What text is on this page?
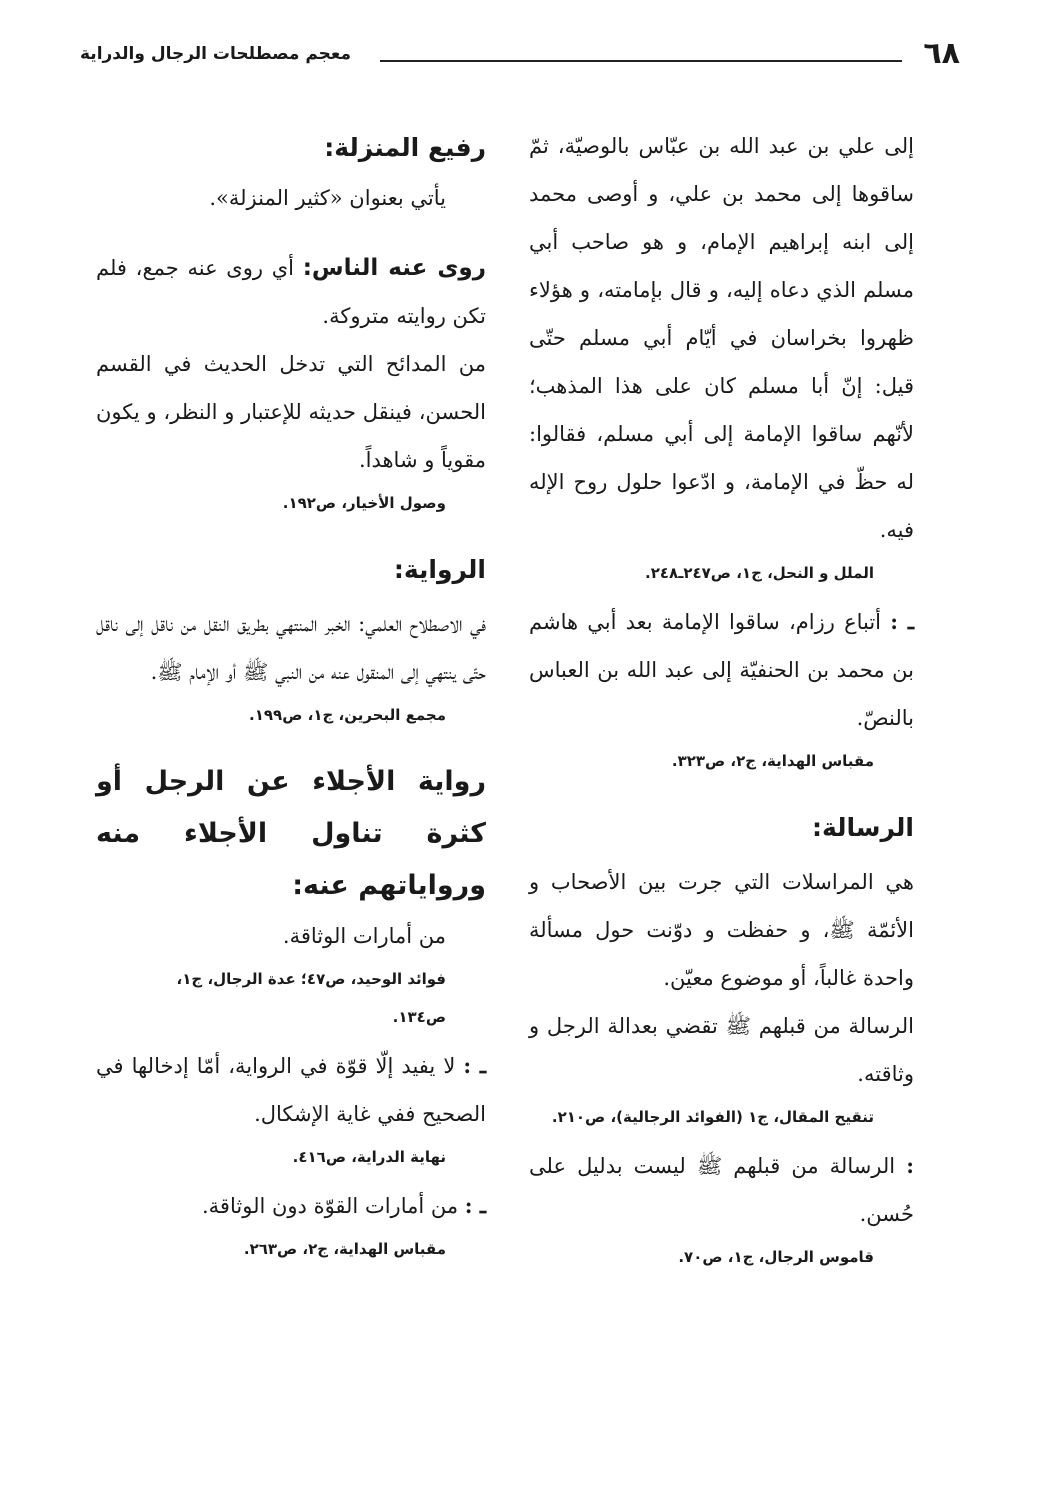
٦٨
معجم مصطلحات الرجال والدراية

إلى علي بن عبد الله بن عبّاس بالوصيّة، ثمّ ساقوها إلى محمد بن علي، و أوصى محمد إلى ابنه إبراهيم الإمام، و هو صاحب أبي مسلم الذي دعاه إليه، و قال بإمامته، و هؤلاء ظهروا بخراسان في أيّام أبي مسلم حتّى قيل: إنّ أبا مسلم كان على هذا المذهب؛ لأنّهم ساقوا الإمامة إلى أبي مسلم، فقالوا: له حظّ في الإمامة، و ادّعوا حلول روح الإله فيه.

الملل و النحل، ج١، ص٢٤٧ـ٢٤٨.

ـ : أتباع رزام، ساقوا الإمامة بعد أبي هاشم بن محمد بن الحنفيّة إلى عبد الله بن العباس بالنصّ.

مقباس الهداية، ج٢، ص٣٢٣.

الرسالة:

هي المراسلات التي جرت بين الأصحاب و الأئمّة ﷺ، و حفظت و دوّنت حول مسألة واحدة غالباً، أو موضوع معيّن.

الرسالة من قبلهم ﷺ تقضي بعدالة الرجل و وثاقته.

تنقيح المقال، ج١ (الفوائد الرجالية)، ص٢١٠.

: الرسالة من قبلهم ﷺ ليست بدليل على حُسن.

قاموس الرجال، ج١، ص٧٠.

رفيع المنزلة:

يأتي بعنوان «كثير المنزلة».

روى عنه الناس: أي روى عنه جمع، فلم تكن روايته متروكة.

من المدائح التي تدخل الحديث في القسم الحسن، فينقل حديثه للإعتبار و النظر، و يكون مقوياً و شاهداً.

وصول الأخيار، ص١٩٢.

الرواية:

في الاصطلاح العلمي: الخبر المنتهي بطريق النقل من ناقل إلى ناقل حتّى ينتهي إلى المنقول عنه من النبي ﷺ أو الإمام ﷺ.

مجمع البحرين، ج١، ص١٩٩.

رواية الأجلاء عن الرجل أو كثرة تناول الأجلاء منه ورواياتهم عنه:

من أمارات الوثاقة.

فوائد الوحيد، ص٤٧؛ عدة الرجال، ج١،

ص١٣٤.

ـ : لا يفيد إلّا قوّة في الرواية، أمّا إدخالها في الصحيح ففي غاية الإشكال.

نهاية الدراية، ص٤١٦.

ـ : من أمارات القوّة دون الوثاقة.

مقباس الهداية، ج٢، ص٢٦٣.
